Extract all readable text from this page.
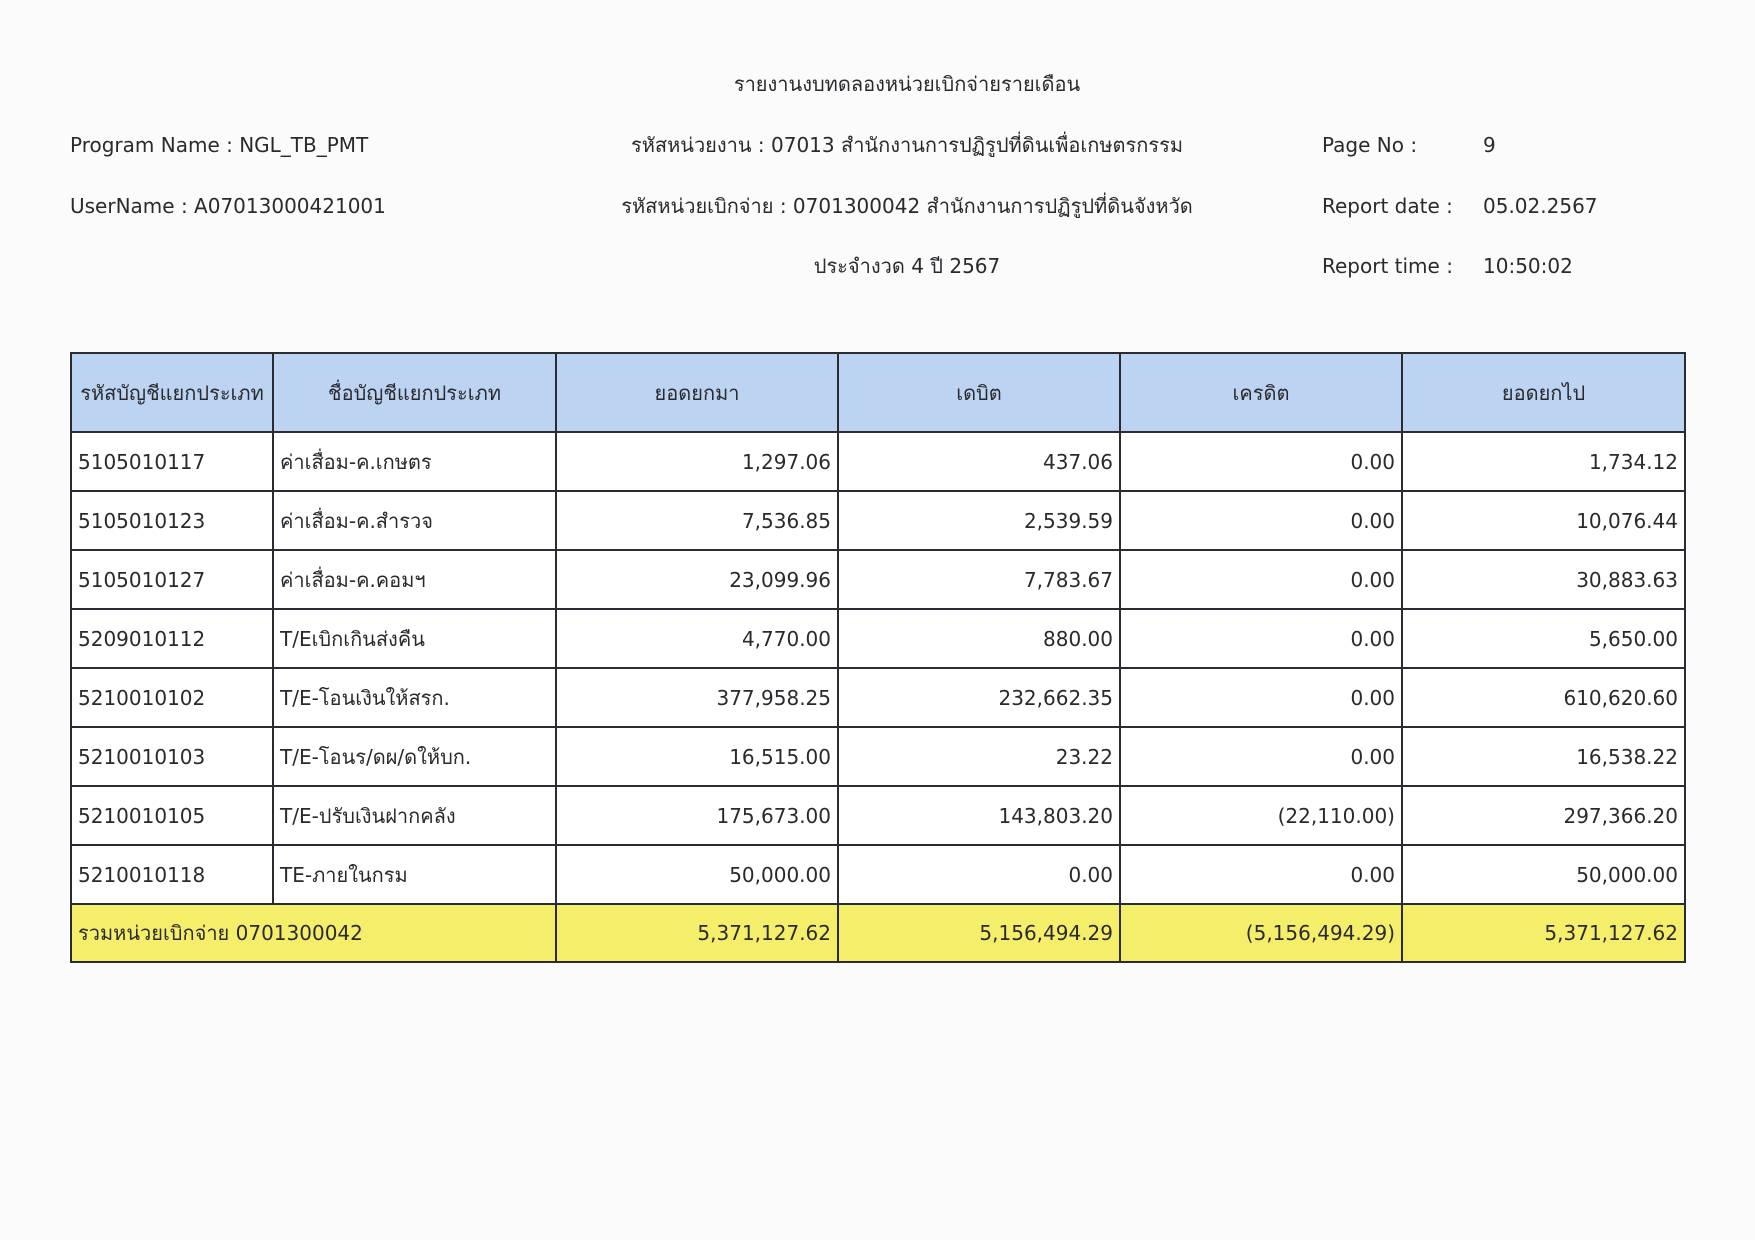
รายงานงบทดลองหน่วยเบิกจ่ายรายเดือน
Program Name : NGL_TB_PMT	รหัสหน่วยงาน : 07013 สำนักงานการปฏิรูปที่ดินเพื่อเกษตรกรรม	Page No :	9
UserName : A07013000421001	รหัสหน่วยเบิกจ่าย : 0701300042 สำนักงานการปฏิรูปที่ดินจังหวัด	Report date : 05.02.2567
ประจำงวด 4 ปี 2567	Report time : 10:50:02
รหัสบัญชีแยกประเภท	ชื่อบัญชีแยกประเภท	ยอดยกมา	เดบิต	เครดิต	ยอดยกไป
5105010117	ค่าเสื่อม-ค.เกษตร	1,297.06	437.06	0.00	1,734.12
5105010123	ค่าเสื่อม-ค.สำรวจ	7,536.85	2,539.59	0.00	10,076.44
5105010127	ค่าเสื่อม-ค.คอมฯ	23,099.96	7,783.67	0.00	30,883.63
5209010112	T/Eเบิกเกินส่งคืน	4,770.00	880.00	0.00	5,650.00
5210010102	T/E-โอนเงินให้สรก.	377,958.25	232,662.35	0.00	610,620.60
5210010103	T/E-โอนร/ดผ/ดให้บก.	16,515.00	23.22	0.00	16,538.22
5210010105	T/E-ปรับเงินฝากคลัง	175,673.00	143,803.20	(22,110.00)	297,366.20
5210010118	TE-ภายในกรม	50,000.00	0.00	0.00	50,000.00
รวมหน่วยเบิกจ่าย 0701300042		5,371,127.62	5,156,494.29	(5,156,494.29)	5,371,127.62
